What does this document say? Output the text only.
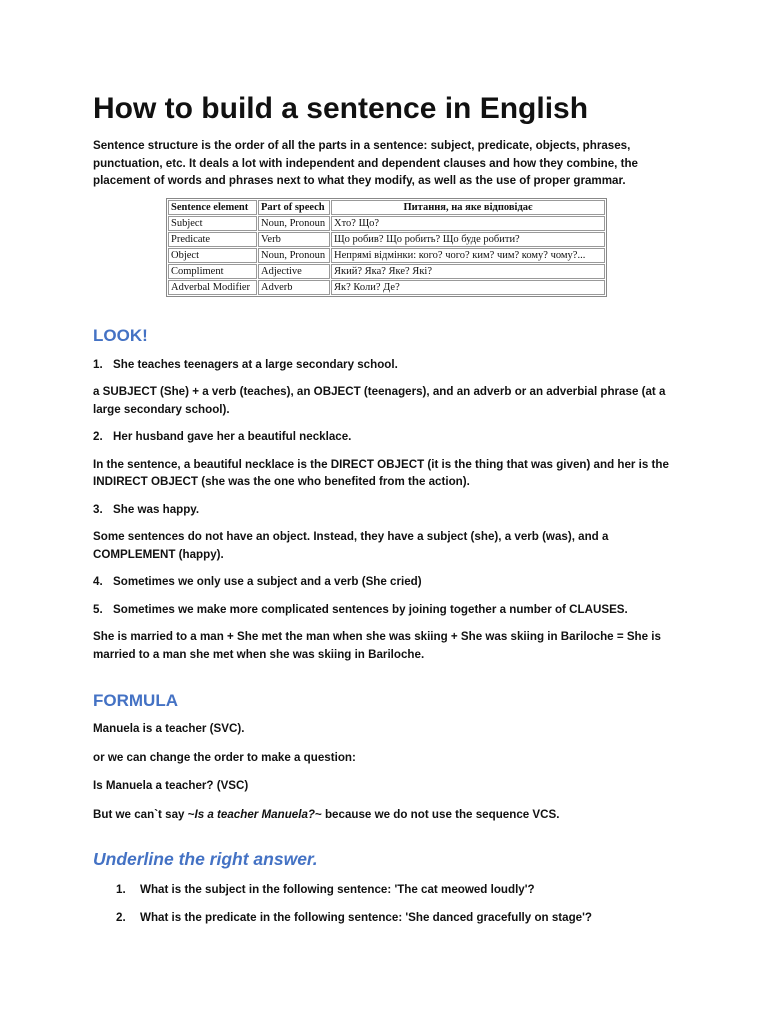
How to build a sentence in English

Sentence structure is the order of all the parts in a sentence: subject, predicate, objects, phrases, punctuation, etc. It deals a lot with independent and dependent clauses and how they combine, the placement of words and phrases next to what they modify, as well as the use of proper grammar.

Sentence element	Part of speech	Питання, на яке відповідає
Subject	Noun, Pronoun	Хто? Що?
Predicate	Verb	Що робив? Що робить? Що буде робити?
Object	Noun, Pronoun	Непрямі відмінки: кого? чого? ким? чим? кому? чому?...
Compliment	Adjective	Який? Яка? Яке? Які?
Adverbal Modifier	Adverb	Як? Коли? Де?
LOOK!
1. She teaches teenagers at a large secondary school.

a SUBJECT (She) + a verb (teaches), an OBJECT (teenagers), and an adverb or an adverbial phrase (at a large secondary school).

2. Her husband gave her a beautiful necklace.

In the sentence, a beautiful necklace is the DIRECT OBJECT (it is the thing that was given) and her is the INDIRECT OBJECT (she was the one who benefited from the action).

3. She was happy.

Some sentences do not have an object. Instead, they have a subject (she), a verb (was), and a COMPLEMENT (happy).

4. Sometimes we only use a subject and a verb (She cried)
5. Sometimes we make more complicated sentences by joining together a number of CLAUSES.

She is married to a man + She met the man when she was skiing + She was skiing in Bariloche = She is married to a man she met when she was skiing in Bariloche.

FORMULA

Manuela is a teacher (SVC).

or we can change the order to make a question:

Is Manuela a teacher? (VSC)

But we can`t say ~Is a teacher Manuela?~ because we do not use the sequence VCS.

Underline the right answer.
1.	What is the subject in the following sentence: 'The cat meowed loudly'?
2.	What is the predicate in the following sentence: 'She danced gracefully on stage'?
